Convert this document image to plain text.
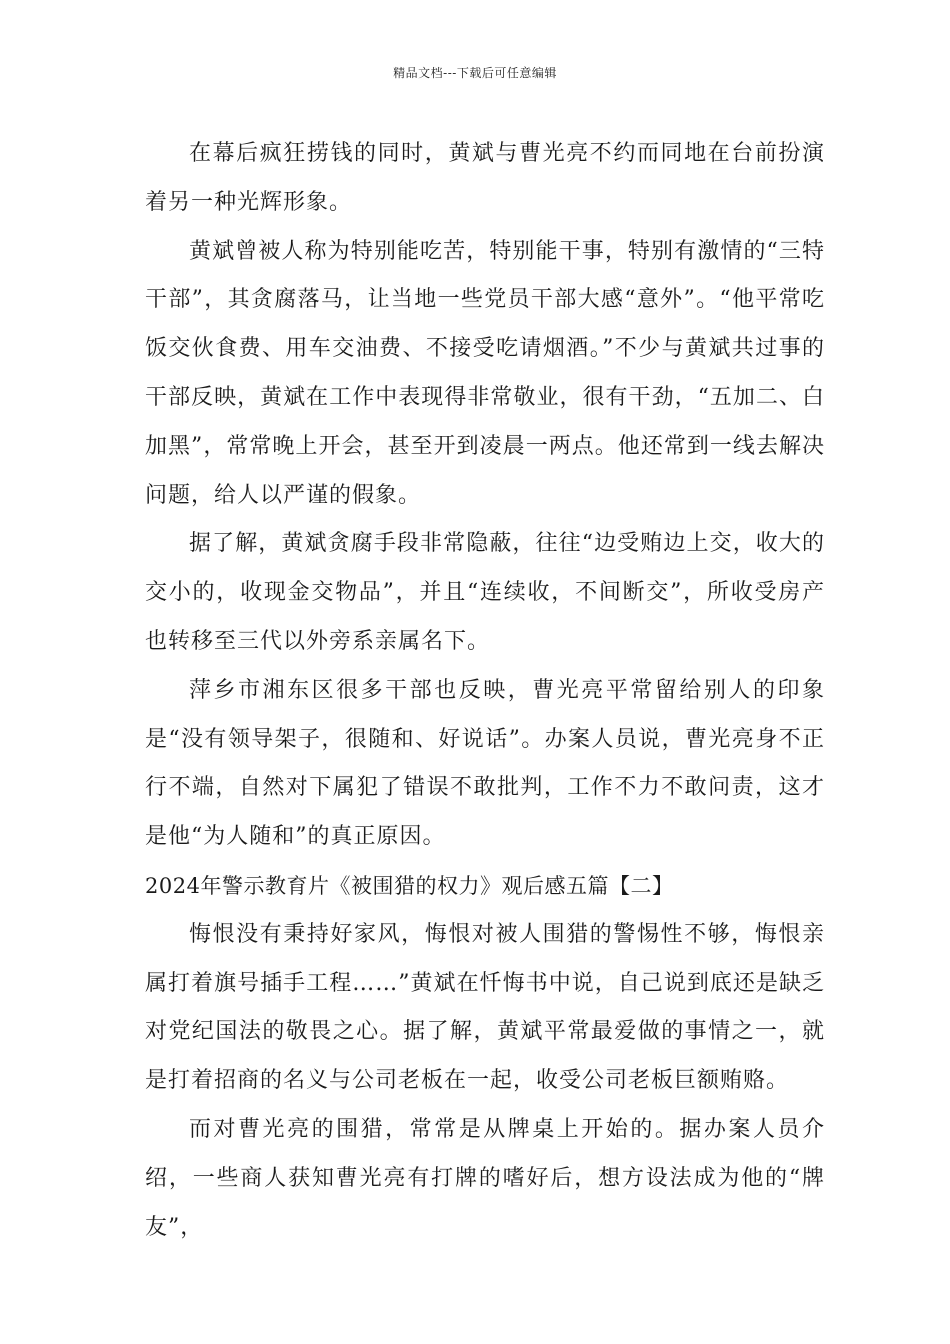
精品文档---下载后可任意编辑

在幕后疯狂捞钱的同时，黄斌与曹光亮不约而同地在台前扮演着另一种光辉形象。

黄斌曾被人称为特别能吃苦，特别能干事，特别有激情的“三特干部”，其贪腐落马，让当地一些党员干部大感“意外”。“他平常吃饭交伙食费、用车交油费、不接受吃请烟酒。”不少与黄斌共过事的干部反映，黄斌在工作中表现得非常敬业，很有干劲，“五加二、白加黑”，常常晚上开会，甚至开到凌晨一两点。他还常到一线去解决问题，给人以严谨的假象。

据了解，黄斌贪腐手段非常隐蔽，往往“边受贿边上交，收大的交小的，收现金交物品”，并且“连续收，不间断交”，所收受房产也转移至三代以外旁系亲属名下。

萍乡市湘东区很多干部也反映，曹光亮平常留给别人的印象是“没有领导架子，很随和、好说话”。办案人员说，曹光亮身不正行不端，自然对下属犯了错误不敢批判，工作不力不敢问责，这才是他“为人随和”的真正原因。

2024年警示教育片《被围猎的权力》观后感五篇【二】

悔恨没有秉持好家风，悔恨对被人围猎的警惕性不够，悔恨亲属打着旗号插手工程……”黄斌在忏悔书中说，自己说到底还是缺乏对党纪国法的敬畏之心。据了解，黄斌平常最爱做的事情之一，就是打着招商的名义与公司老板在一起，收受公司老板巨额贿赂。

而对曹光亮的围猎，常常是从牌桌上开始的。据办案人员介绍，一些商人获知曹光亮有打牌的嗜好后，想方设法成为他的“牌友”，
